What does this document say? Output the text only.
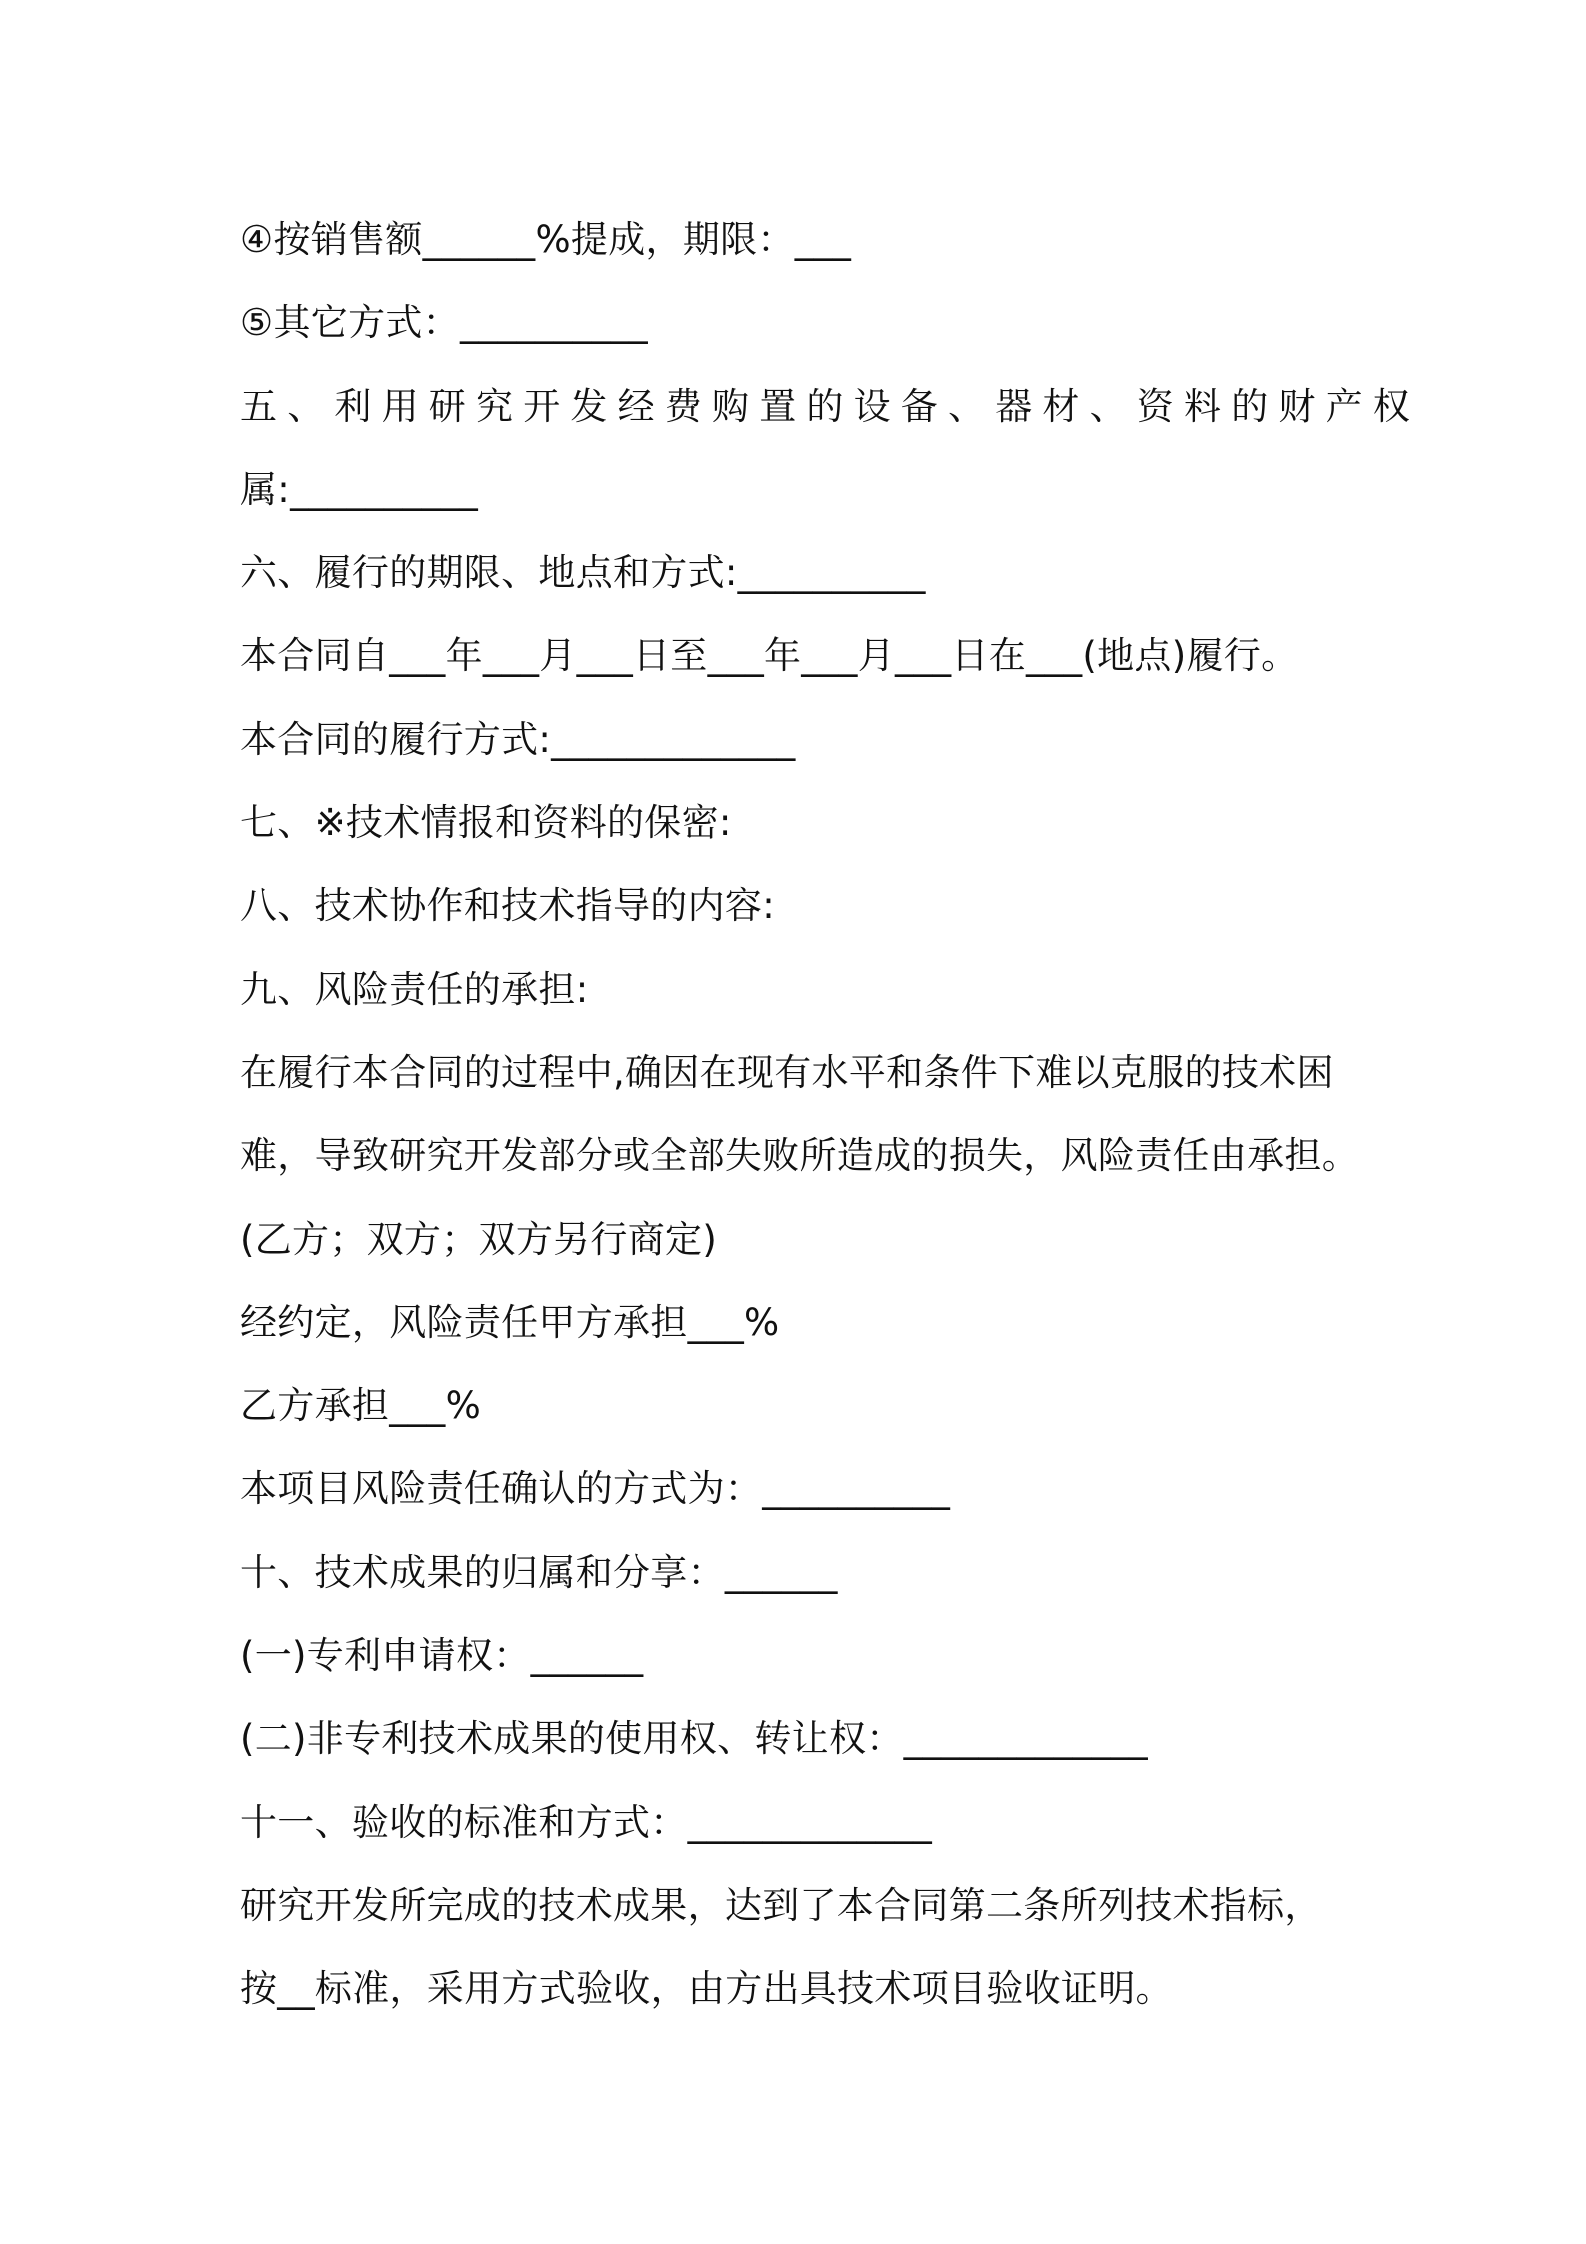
④按销售额______%提成，期限：___
⑤其它方式：__________
五、利用研究开发经费购置的设备、器材、资料的财产权
属:__________
六、履行的期限、地点和方式:__________
本合同自___年___月___日至___年___月___日在___(地点)履行。
本合同的履行方式:_____________
七、※技术情报和资料的保密:
八、技术协作和技术指导的内容:
九、风险责任的承担:
在履行本合同的过程中,确因在现有水平和条件下难以克服的技术困
难，导致研究开发部分或全部失败所造成的损失，风险责任由承担。
(乙方；双方；双方另行商定)
经约定，风险责任甲方承担___%
乙方承担___%
本项目风险责任确认的方式为：__________
十、技术成果的归属和分享：______
(一)专利申请权：______
(二)非专利技术成果的使用权、转让权：_____________
十一、验收的标准和方式：_____________
研究开发所完成的技术成果，达到了本合同第二条所列技术指标，
按__标准，采用方式验收，由方出具技术项目验收证明。
